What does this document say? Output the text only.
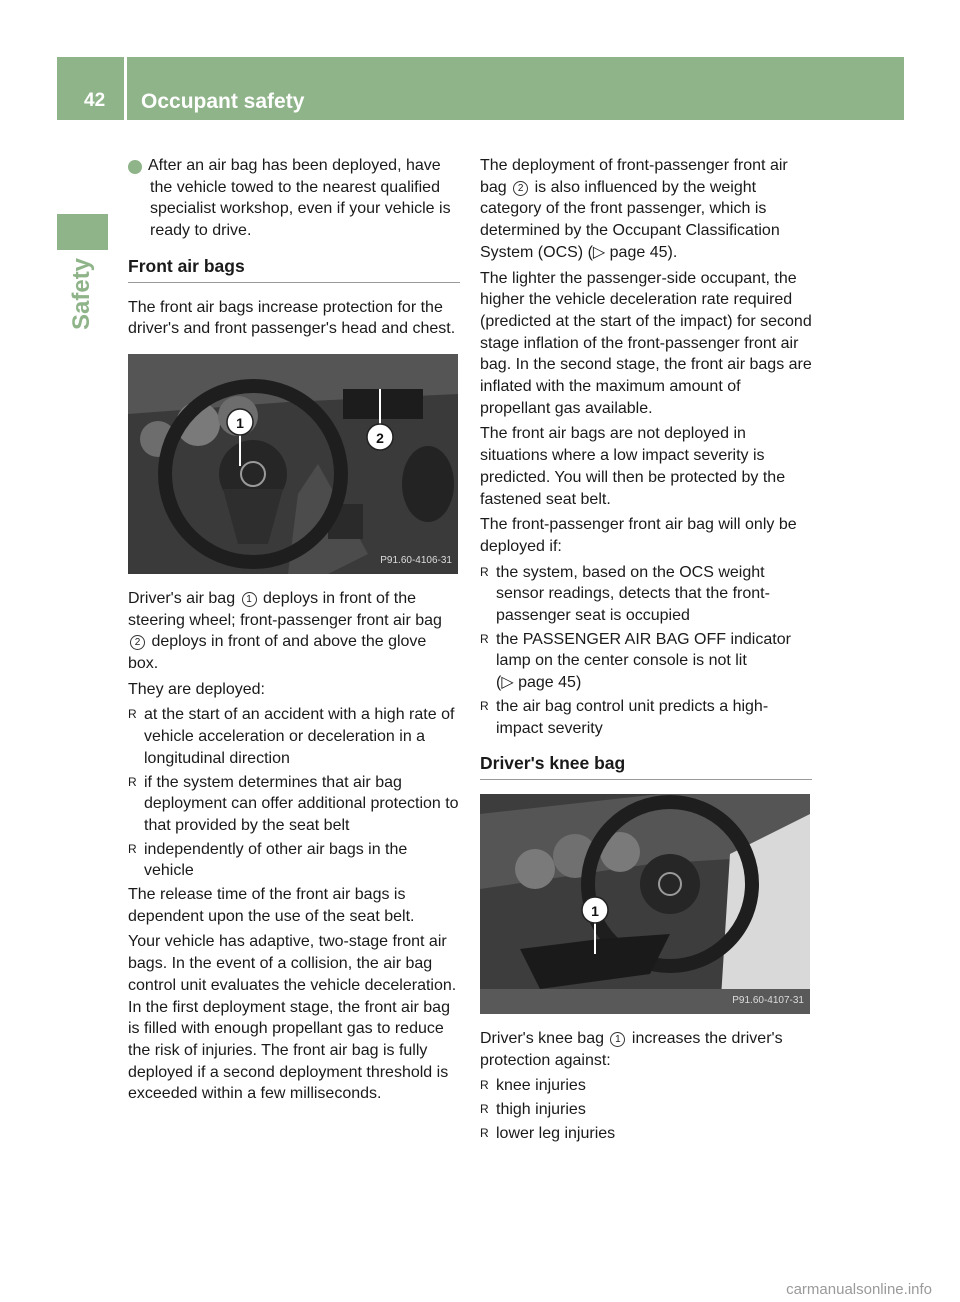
42 Occupant safety
Safety

i After an air bag has been deployed, have the vehicle towed to the nearest qualified specialist workshop, even if your vehicle is ready to drive.

Front air bags

The front air bags increase protection for the driver's and front passenger's head and chest.

1
2
P91.60-4106-31

Driver's air bag 1 deploys in front of the steering wheel; front-passenger front air bag 2 deploys in front of and above the glove box.

They are deployed:

R at the start of an accident with a high rate of vehicle acceleration or deceleration in a longitudinal direction
R if the system determines that air bag deployment can offer additional protection to that provided by the seat belt
R independently of other air bags in the vehicle

The release time of the front air bags is dependent upon the use of the seat belt.

Your vehicle has adaptive, two-stage front air bags. In the event of a collision, the air bag control unit evaluates the vehicle deceleration. In the first deployment stage, the front air bag is filled with enough propellant gas to reduce the risk of injuries. The front air bag is fully deployed if a second deployment threshold is exceeded within a few milliseconds.

The deployment of front-passenger front air bag 2 is also influenced by the weight category of the front passenger, which is determined by the Occupant Classification System (OCS) (▷ page 45).

The lighter the passenger-side occupant, the higher the vehicle deceleration rate required (predicted at the start of the impact) for second stage inflation of the front-passenger front air bag. In the second stage, the front air bags are inflated with the maximum amount of propellant gas available.

The front air bags are not deployed in situations where a low impact severity is predicted. You will then be protected by the fastened seat belt.

The front-passenger front air bag will only be deployed if:

R the system, based on the OCS weight sensor readings, detects that the front-passenger seat is occupied
R the PASSENGER AIR BAG OFF indicator lamp on the center console is not lit
(▷ page 45)
R the air bag control unit predicts a high-impact severity
Driver's knee bag
1
P91.60-4107-31

Driver's knee bag 1 increases the driver's protection against:

R knee injuries
R thigh injuries
R lower leg injuries
carmanualsonline.info
